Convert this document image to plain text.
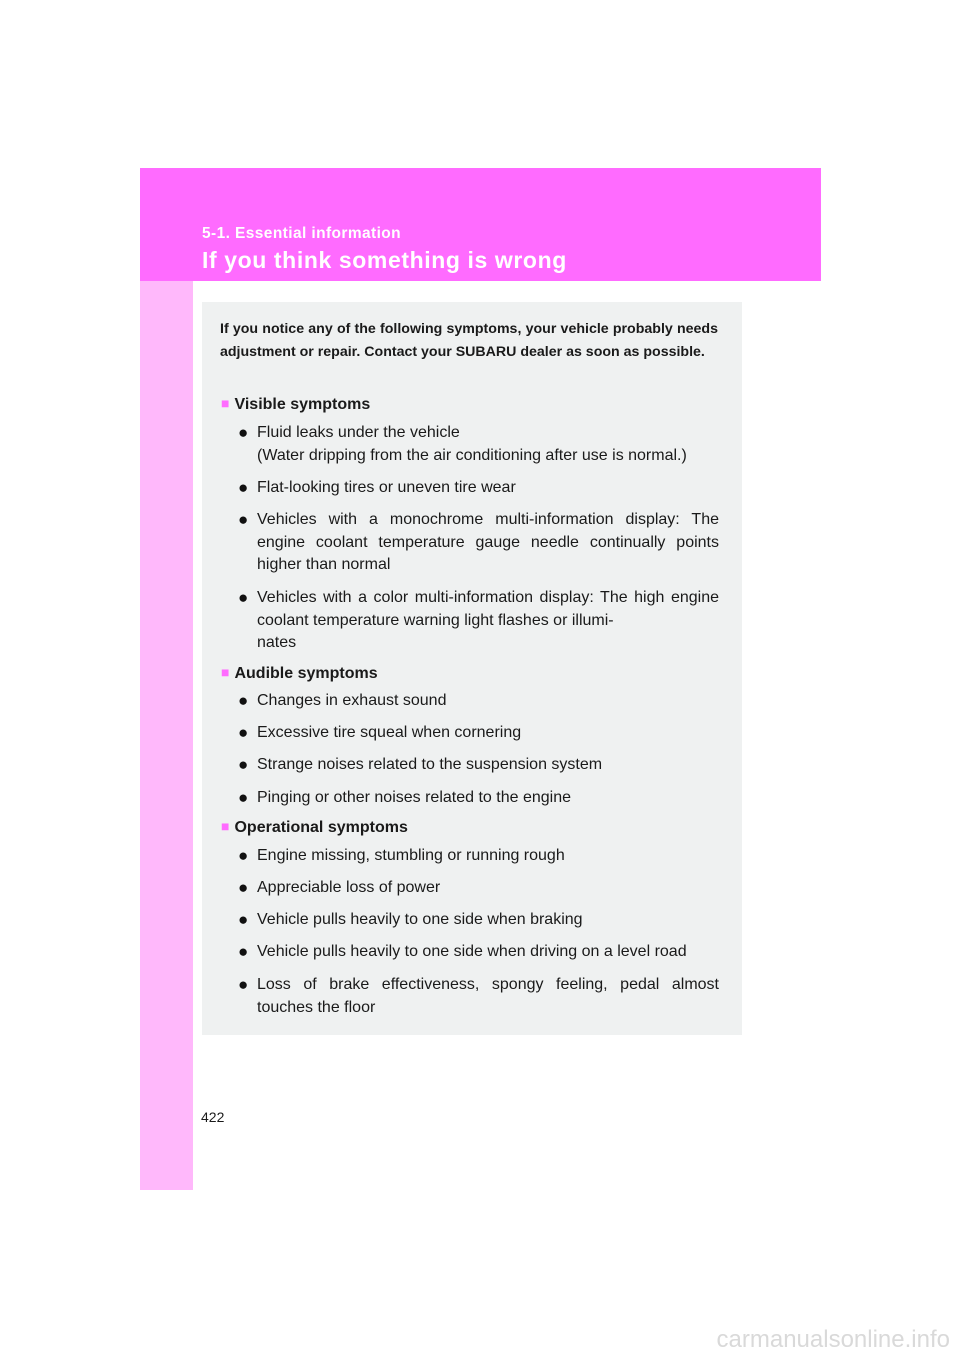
5-1. Essential information
If you think something is wrong
If you notice any of the following symptoms, your vehicle probably needs adjustment or repair. Contact your SUBARU dealer as soon as possible.
■ Visible symptoms
● Fluid leaks under the vehicle
(Water dripping from the air conditioning after use is normal.)
● Flat-looking tires or uneven tire wear
● Vehicles with a monochrome multi-information display: The engine coolant temperature gauge needle continually points higher than normal
● Vehicles with a color multi-information display: The high engine coolant temperature warning light flashes or illumi-
nates
■ Audible symptoms
● Changes in exhaust sound
● Excessive tire squeal when cornering
● Strange noises related to the suspension system
● Pinging or other noises related to the engine
■ Operational symptoms
● Engine missing, stumbling or running rough
● Appreciable loss of power
● Vehicle pulls heavily to one side when braking
● Vehicle pulls heavily to one side when driving on a level road
● Loss of brake effectiveness, spongy feeling, pedal almost touches the floor
422
carmanualsonline.info
